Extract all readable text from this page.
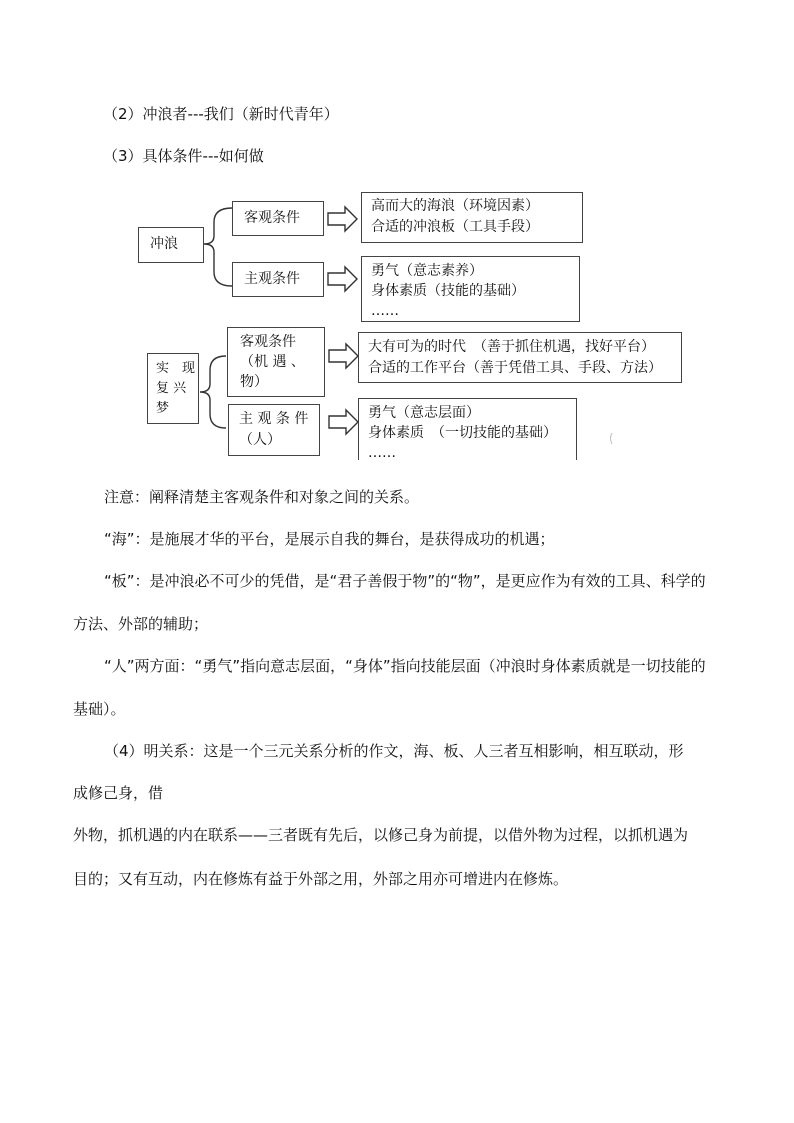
（2）冲浪者---我们（新时代青年）
（3）具体条件---如何做
冲浪
客观条件
主观条件
高而大的海浪（环境因素）
合适的冲浪板（工具手段）
勇气（意志素养）
身体素质（技能的基础）
……
实　现
复 兴
梦
客观条件
（机 遇 、
物）
主 观 条 件
（人）
大有可为的时代　（善于抓住机遇，找好平台）
合适的工作平台（善于凭借工具、手段、方法）
勇气（意志层面）
身体素质　（一切技能的基础）
……
注意：阐释清楚主客观条件和对象之间的关系。
“海”：是施展才华的平台，是展示自我的舞台，是获得成功的机遇；
“板”：是冲浪必不可少的凭借，是“君子善假于物”的“物”，是更应作为有效的工具、科学的
方法、外部的辅助；
“人”两方面：“勇气”指向意志层面，“身体”指向技能层面（冲浪时身体素质就是一切技能的
基础）。
（4）明关系：这是一个三元关系分析的作文，海、板、人三者互相影响，相互联动，形
成修己身，借
外物，抓机遇的内在联系——三者既有先后，以修己身为前提，以借外物为过程，以抓机遇为
目的；又有互动，内在修炼有益于外部之用，外部之用亦可增进内在修炼。
